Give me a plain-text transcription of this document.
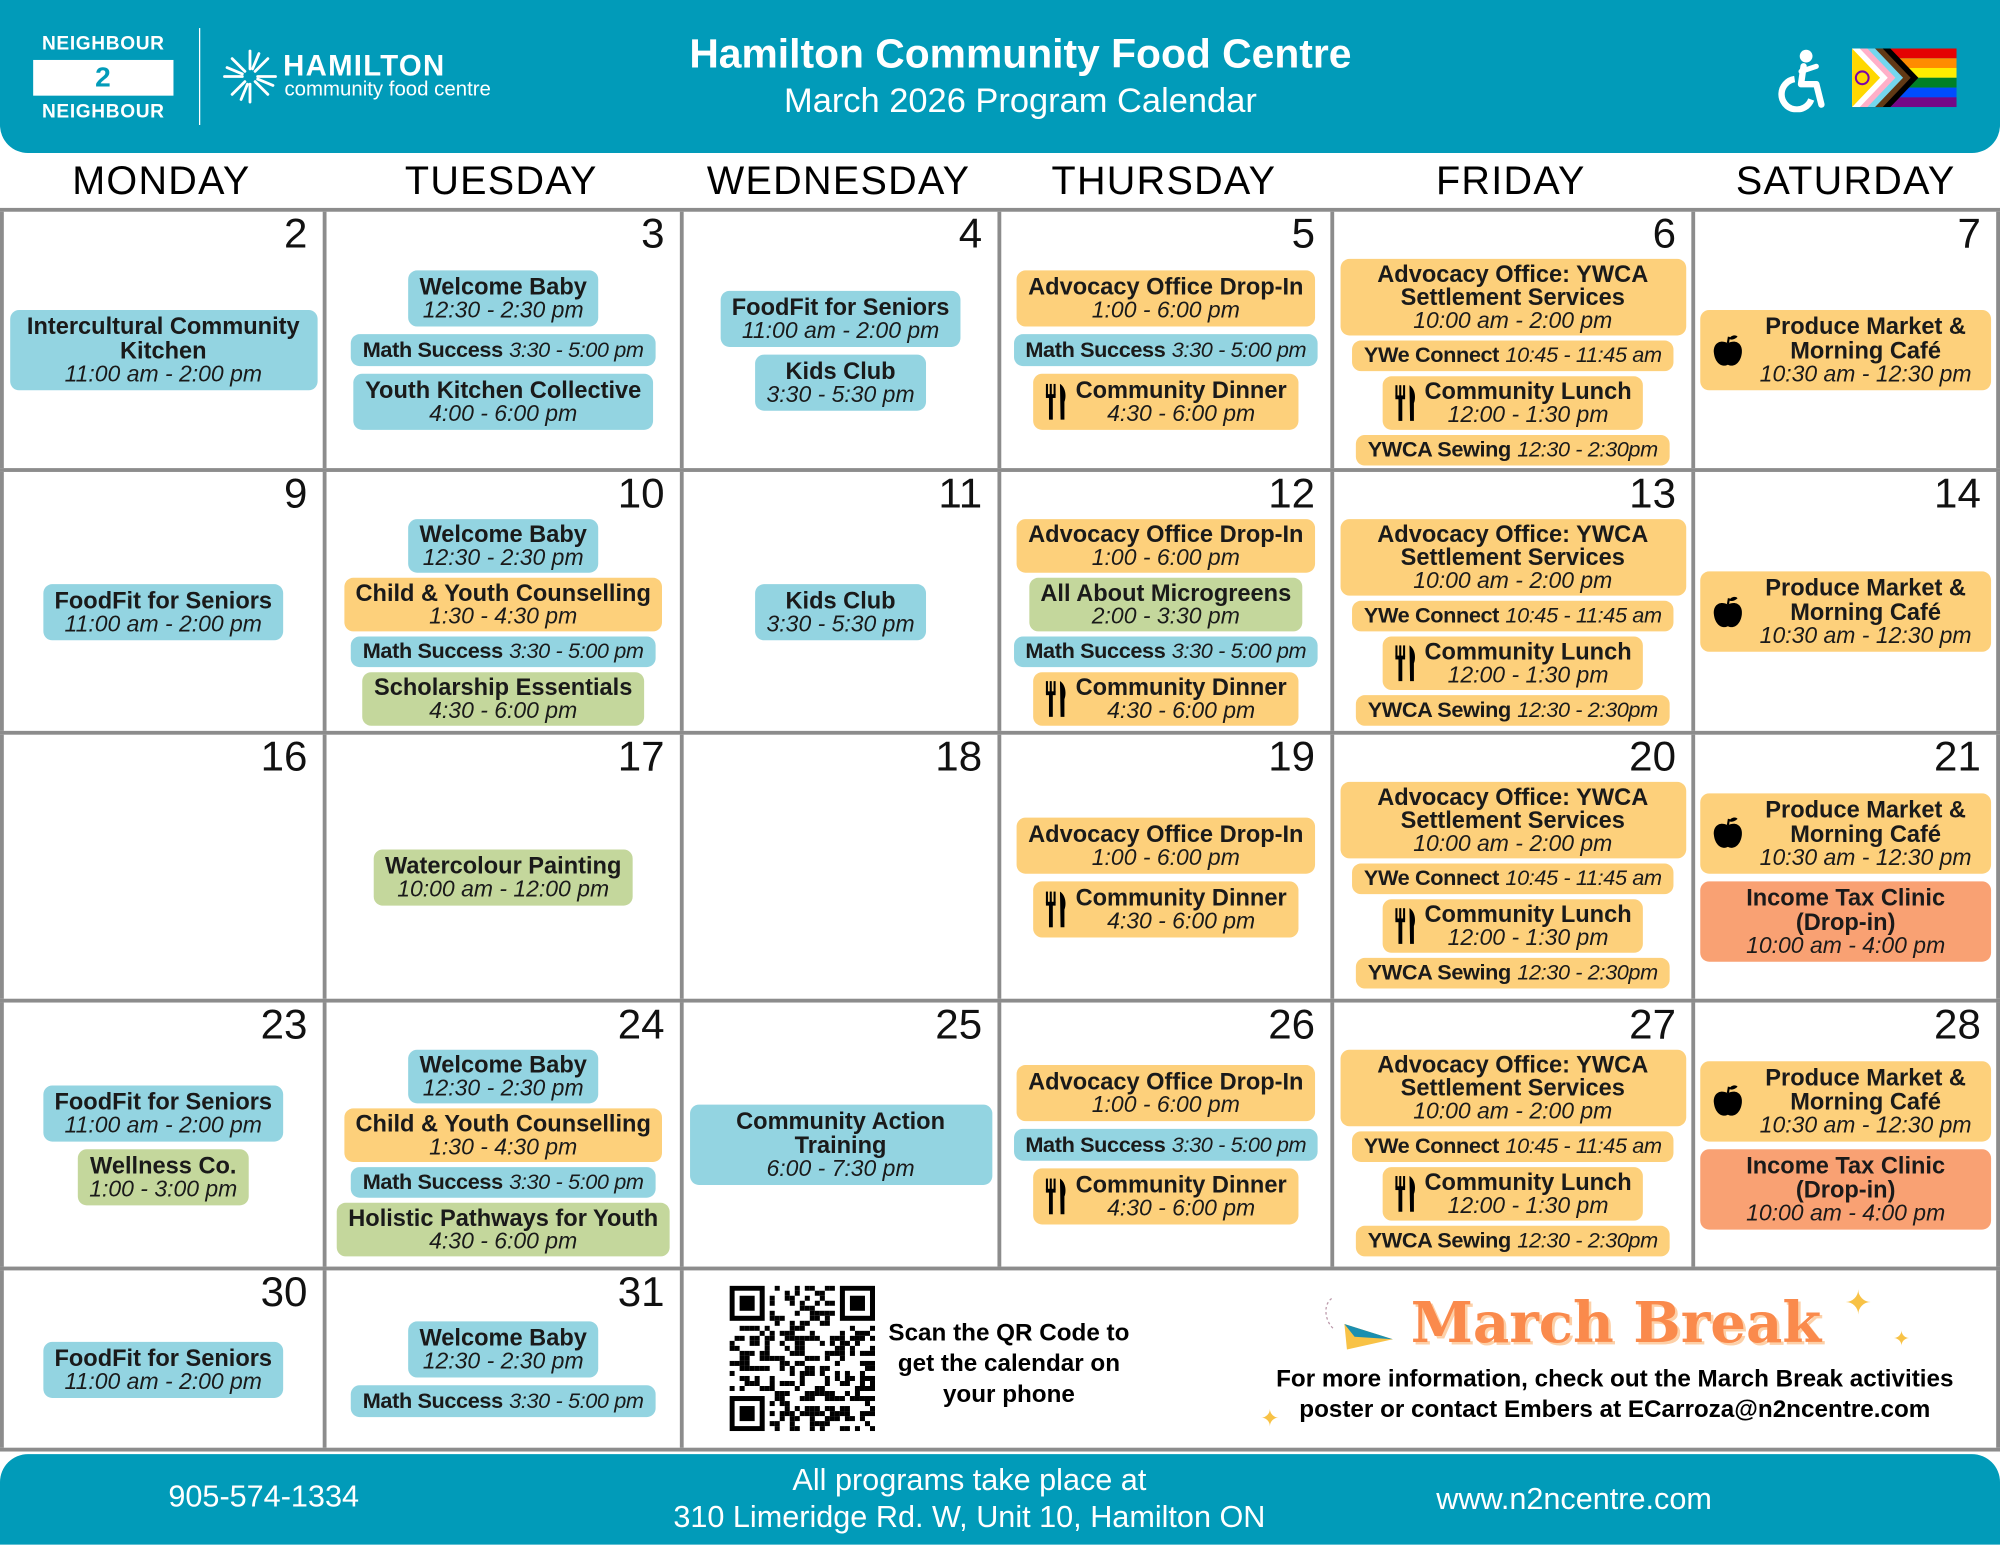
NEIGHBOUR
2
NEIGHBOUR
HAMILTON
community food centre
Hamilton Community Food Centre
March 2026 Program Calendar
MONDAY	TUESDAY	WEDNESDAY	THURSDAY	FRIDAY	SATURDAY
2
Intercultural Community Kitchen
11:00 am - 2:00 pm
3
Welcome Baby
12:30 - 2:30 pm
Math Success 3:30 - 5:00 pm
Youth Kitchen Collective
4:00 - 6:00 pm
4
FoodFit for Seniors
11:00 am - 2:00 pm
Kids Club
3:30 - 5:30 pm
5
Advocacy Office Drop-In
1:00 - 6:00 pm
Math Success 3:30 - 5:00 pm
Community Dinner
4:30 - 6:00 pm
6
Advocacy Office: YWCA Settlement Services
10:00 am - 2:00 pm
YWe Connect 10:45 - 11:45 am
Community Lunch
12:00 - 1:30 pm
YWCA Sewing 12:30 - 2:30pm
7
Produce Market & Morning Café
10:30 am - 12:30 pm
9
FoodFit for Seniors
11:00 am - 2:00 pm
10
Welcome Baby
12:30 - 2:30 pm
Child & Youth Counselling
1:30 - 4:30 pm
Math Success 3:30 - 5:00 pm
Scholarship Essentials
4:30 - 6:00 pm
11
Kids Club
3:30 - 5:30 pm
12
Advocacy Office Drop-In
1:00 - 6:00 pm
All About Microgreens
2:00 - 3:30 pm
Math Success 3:30 - 5:00 pm
Community Dinner
4:30 - 6:00 pm
13
Advocacy Office: YWCA Settlement Services
10:00 am - 2:00 pm
YWe Connect 10:45 - 11:45 am
Community Lunch
12:00 - 1:30 pm
YWCA Sewing 12:30 - 2:30pm
14
Produce Market & Morning Café
10:30 am - 12:30 pm
16	17
Watercolour Painting
10:00 am - 12:00 pm
18	19
Advocacy Office Drop-In
1:00 - 6:00 pm
Community Dinner
4:30 - 6:00 pm
20
Advocacy Office: YWCA Settlement Services
10:00 am - 2:00 pm
YWe Connect 10:45 - 11:45 am
Community Lunch
12:00 - 1:30 pm
YWCA Sewing 12:30 - 2:30pm
21
Produce Market & Morning Café
10:30 am - 12:30 pm
Income Tax Clinic (Drop-in)
10:00 am - 4:00 pm
23
FoodFit for Seniors
11:00 am - 2:00 pm
Wellness Co.
1:00 - 3:00 pm
24
Welcome Baby
12:30 - 2:30 pm
Child & Youth Counselling
1:30 - 4:30 pm
Math Success 3:30 - 5:00 pm
Holistic Pathways for Youth
4:30 - 6:00 pm
25
Community Action Training
6:00 - 7:30 pm
26
Advocacy Office Drop-In
1:00 - 6:00 pm
Math Success 3:30 - 5:00 pm
Community Dinner
4:30 - 6:00 pm
27
Advocacy Office: YWCA Settlement Services
10:00 am - 2:00 pm
YWe Connect 10:45 - 11:45 am
Community Lunch
12:00 - 1:30 pm
YWCA Sewing 12:30 - 2:30pm
28
Produce Market & Morning Café
10:30 am - 12:30 pm
Income Tax Clinic (Drop-in)
10:00 am - 4:00 pm
30
FoodFit for Seniors
11:00 am - 2:00 pm
31
Welcome Baby
12:30 - 2:30 pm
Math Success 3:30 - 5:00 pm
Scan the QR Code to get the calendar on your phone
March Break
For more information, check out the March Break activities poster or contact Embers at ECarroza@n2ncentre.com
✦
✦
✦
905-574-1334	All programs take place at
310 Limeridge Rd. W, Unit 10, Hamilton ON
www.n2ncentre.com
